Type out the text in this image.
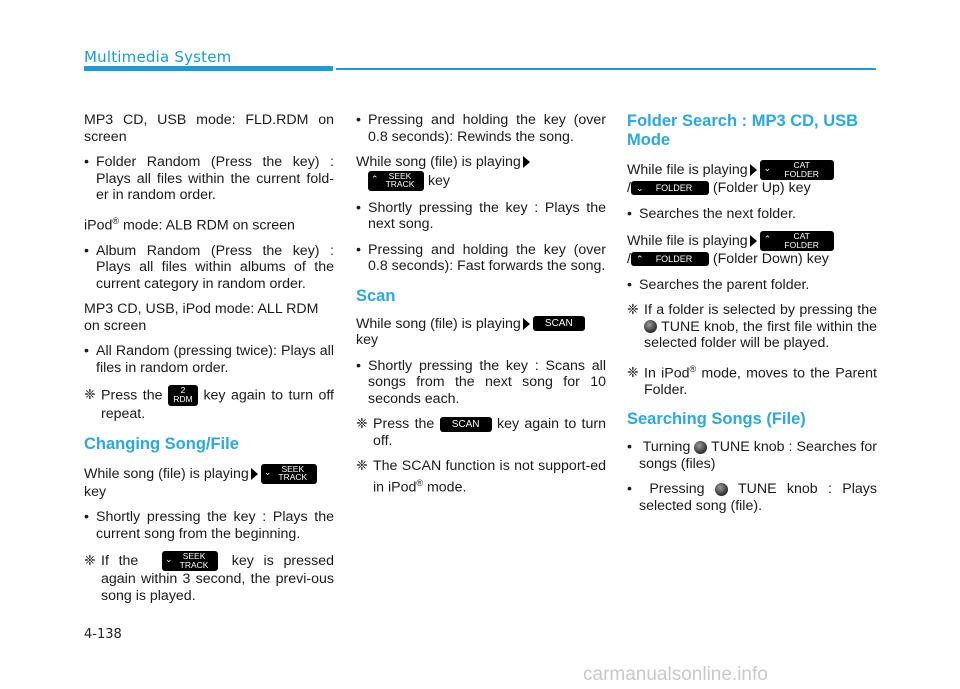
Multimedia System

MP3 CD, USB mode: FLD.RDM on screen

• Folder Random (Press the key) : Plays all files within the current fold-er in random order.

iPod® mode: ALB RDM on screen

• Album Random (Press the key) : Plays all files within albums of the current category in random order.

MP3 CD, USB, iPod mode: ALL RDM on screen

• All Random (pressing twice): Plays all files in random order.
❈ Press the 2
RDM key again to turn off repeat.
Changing Song/File

While song (file) is playing ⌄ SEEK
TRACK
key

• Shortly pressing the key : Plays the current song from the beginning.
❈ If the	⌄ SEEK
TRACK key is pressed again within 3 second, the previ-ous song is played.
• Pressing and holding the key (over 0.8 seconds): Rewinds the song.

While song (file) is playing

⌃ SEEK
TRACK key

• Shortly pressing the key : Plays the next song.
• Pressing and holding the key (over 0.8 seconds): Fast forwards the song.
Scan

While song (file) is playing SCAN
key

• Shortly pressing the key : Scans all songs from the next song for 10 seconds each.
❈ Press the SCAN key again to turn off.
❈ The SCAN function is not support-ed in iPod® mode.
Folder Search : MP3 CD, USB Mode

While file is playing ⌄	CAT
FOLDER
/ ⌄ FOLDER (Folder Up) key

• Searches the next folder.

While file is playing ⌃	CAT
FOLDER
/ ⌃ FOLDER (Folder Down) key

• Searches the parent folder.
❈ If a folder is selected by pressing the  TUNE knob, the first file within the selected folder will be played.
❈ In iPod® mode, moves to the Parent Folder.
Searching Songs (File)
• Turning TUNE knob : Searches for songs (files)
• Pressing TUNE knob : Plays selected song (file).
4-138
carmanualsonline.info
